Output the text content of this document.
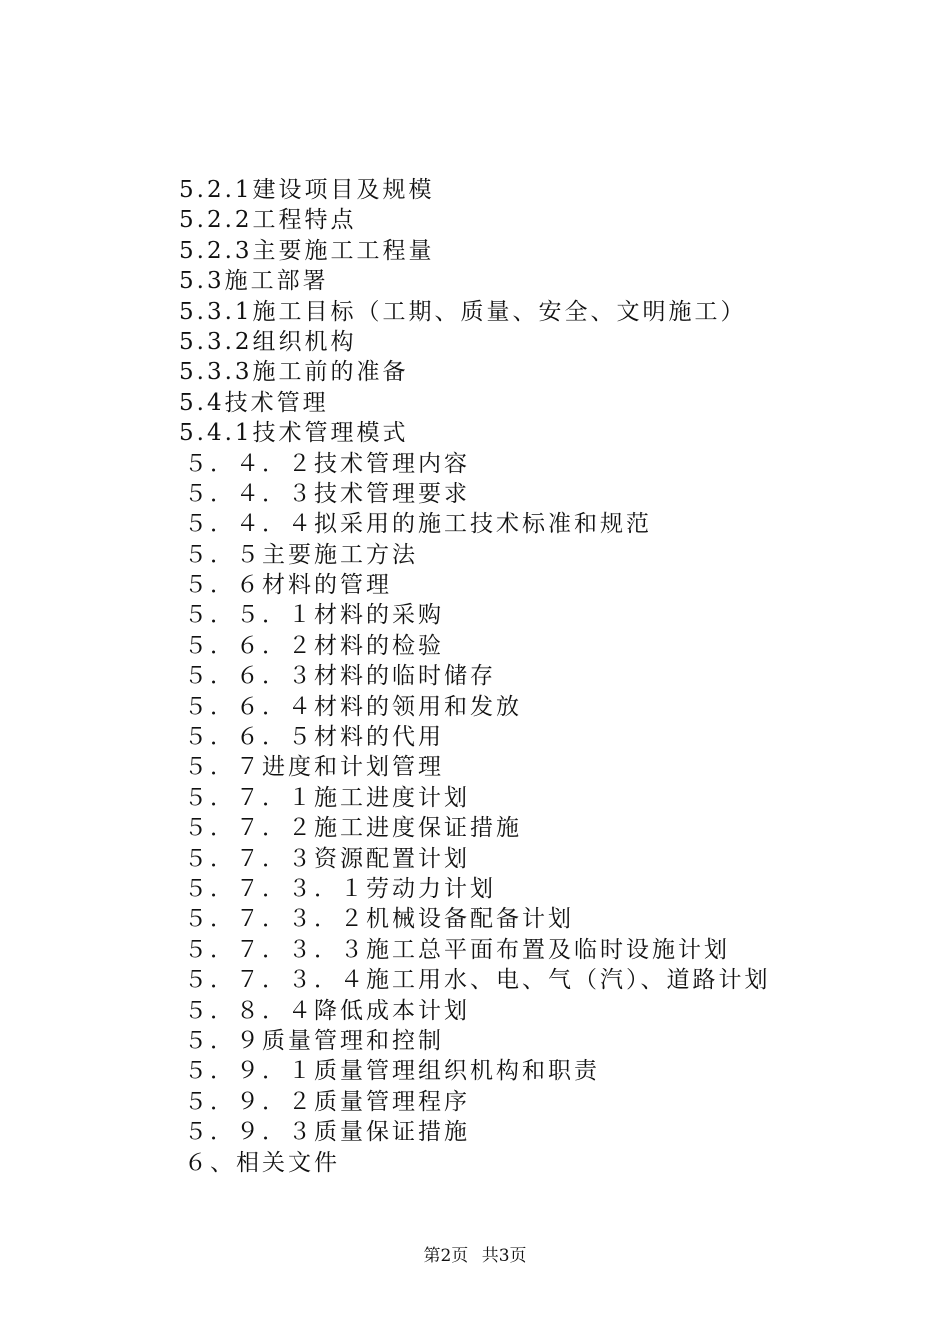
5.2.1建设项目及规模
5.2.2工程特点
5.2.3主要施工工程量
5.3施工部署
5.3.1施工目标（工期、质量、安全、文明施工）
5.3.2组织机构
5.3.3施工前的准备
5.4技术管理
5.4.1技术管理模式
５．４．２技术管理内容
５．４．３技术管理要求
５．４．４拟采用的施工技术标准和规范
５．５主要施工方法
５．６材料的管理
５．５．１材料的采购
５．６．２材料的检验
５．６．３材料的临时储存
５．６．４材料的领用和发放
５．６．５材料的代用
５．７进度和计划管理
５．７．１施工进度计划
５．７．２施工进度保证措施
５．７．３资源配置计划
５．７．３．１劳动力计划
５．７．３．２机械设备配备计划
５．７．３．３施工总平面布置及临时设施计划
５．７．３．４施工用水、电、气（汽）、道路计划
５．８．４降低成本计划
５．９质量管理和控制
５．９．１质量管理组织机构和职责
５．９．２质量管理程序
５．９．３质量保证措施
６、相关文件
第2页 共3页
